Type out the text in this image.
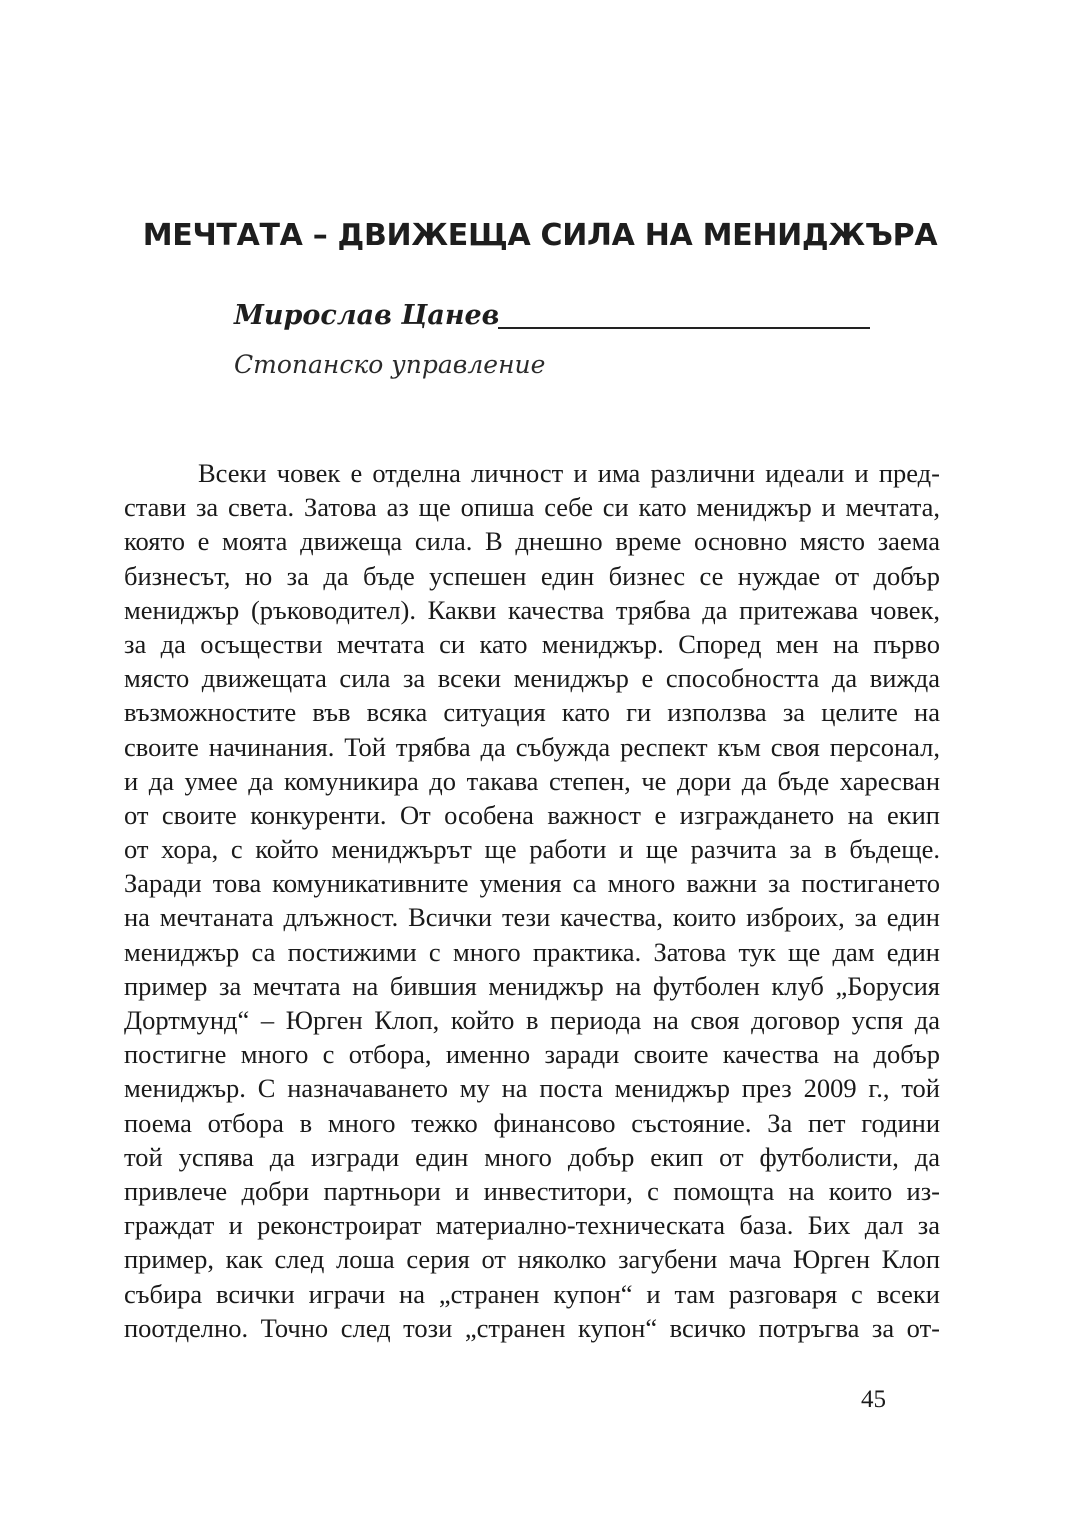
МЕЧТАТА – ДВИЖЕЩА СИЛА НА МЕНИДЖЪРА
Мирослав Цанев
Стопанско управление
Всеки човек е отделна личност и има различни идеали и пред-
стави за света. Затова аз ще опиша себе си като мениджър и мечтата,
която е моята движеща сила. В днешно време основно място заема
бизнесът, но за да бъде успешен един бизнес се нуждае от добър
мениджър (ръководител). Какви качества трябва да притежава човек,
за да осъществи мечтата си като мениджър. Според мен на първо
място движещата сила за всеки мениджър е способността да вижда
възможностите във всяка ситуация като ги използва за целите на
своите начинания. Той трябва да събужда респект към своя персонал,
и да умее да комуникира до такава степен, че дори да бъде харесван
от своите конкуренти. От особена важност е изграждането на екип
от хора, с който мениджърът ще работи и ще разчита за в бъдеще.
Заради това комуникативните умения са много важни за постигането
на мечтаната длъжност. Всички тези качества, които изброих, за един
мениджър са постижими с много практика. Затова тук ще дам един
пример за мечтата на бившия мениджър на футболен клуб „Борусия
Дортмунд“ – Юрген Клоп, който в периода на своя договор успя да
постигне много с отбора, именно заради своите качества на добър
мениджър. С назначаването му на поста мениджър през 2009 г., той
поема отбора в много тежко финансово състояние. За пет години
той успява да изгради един много добър екип от футболисти, да
привлече добри партньори и инвеститори, с помощта на които из-
граждат и реконстроират материално-техническата база. Бих дал за
пример, как след лоша серия от няколко загубени мача Юрген Клоп
събира всички играчи на „странен купон“ и там разговаря с всеки
поотделно. Точно след този „странен купон“ всичко потръгва за от-
45
